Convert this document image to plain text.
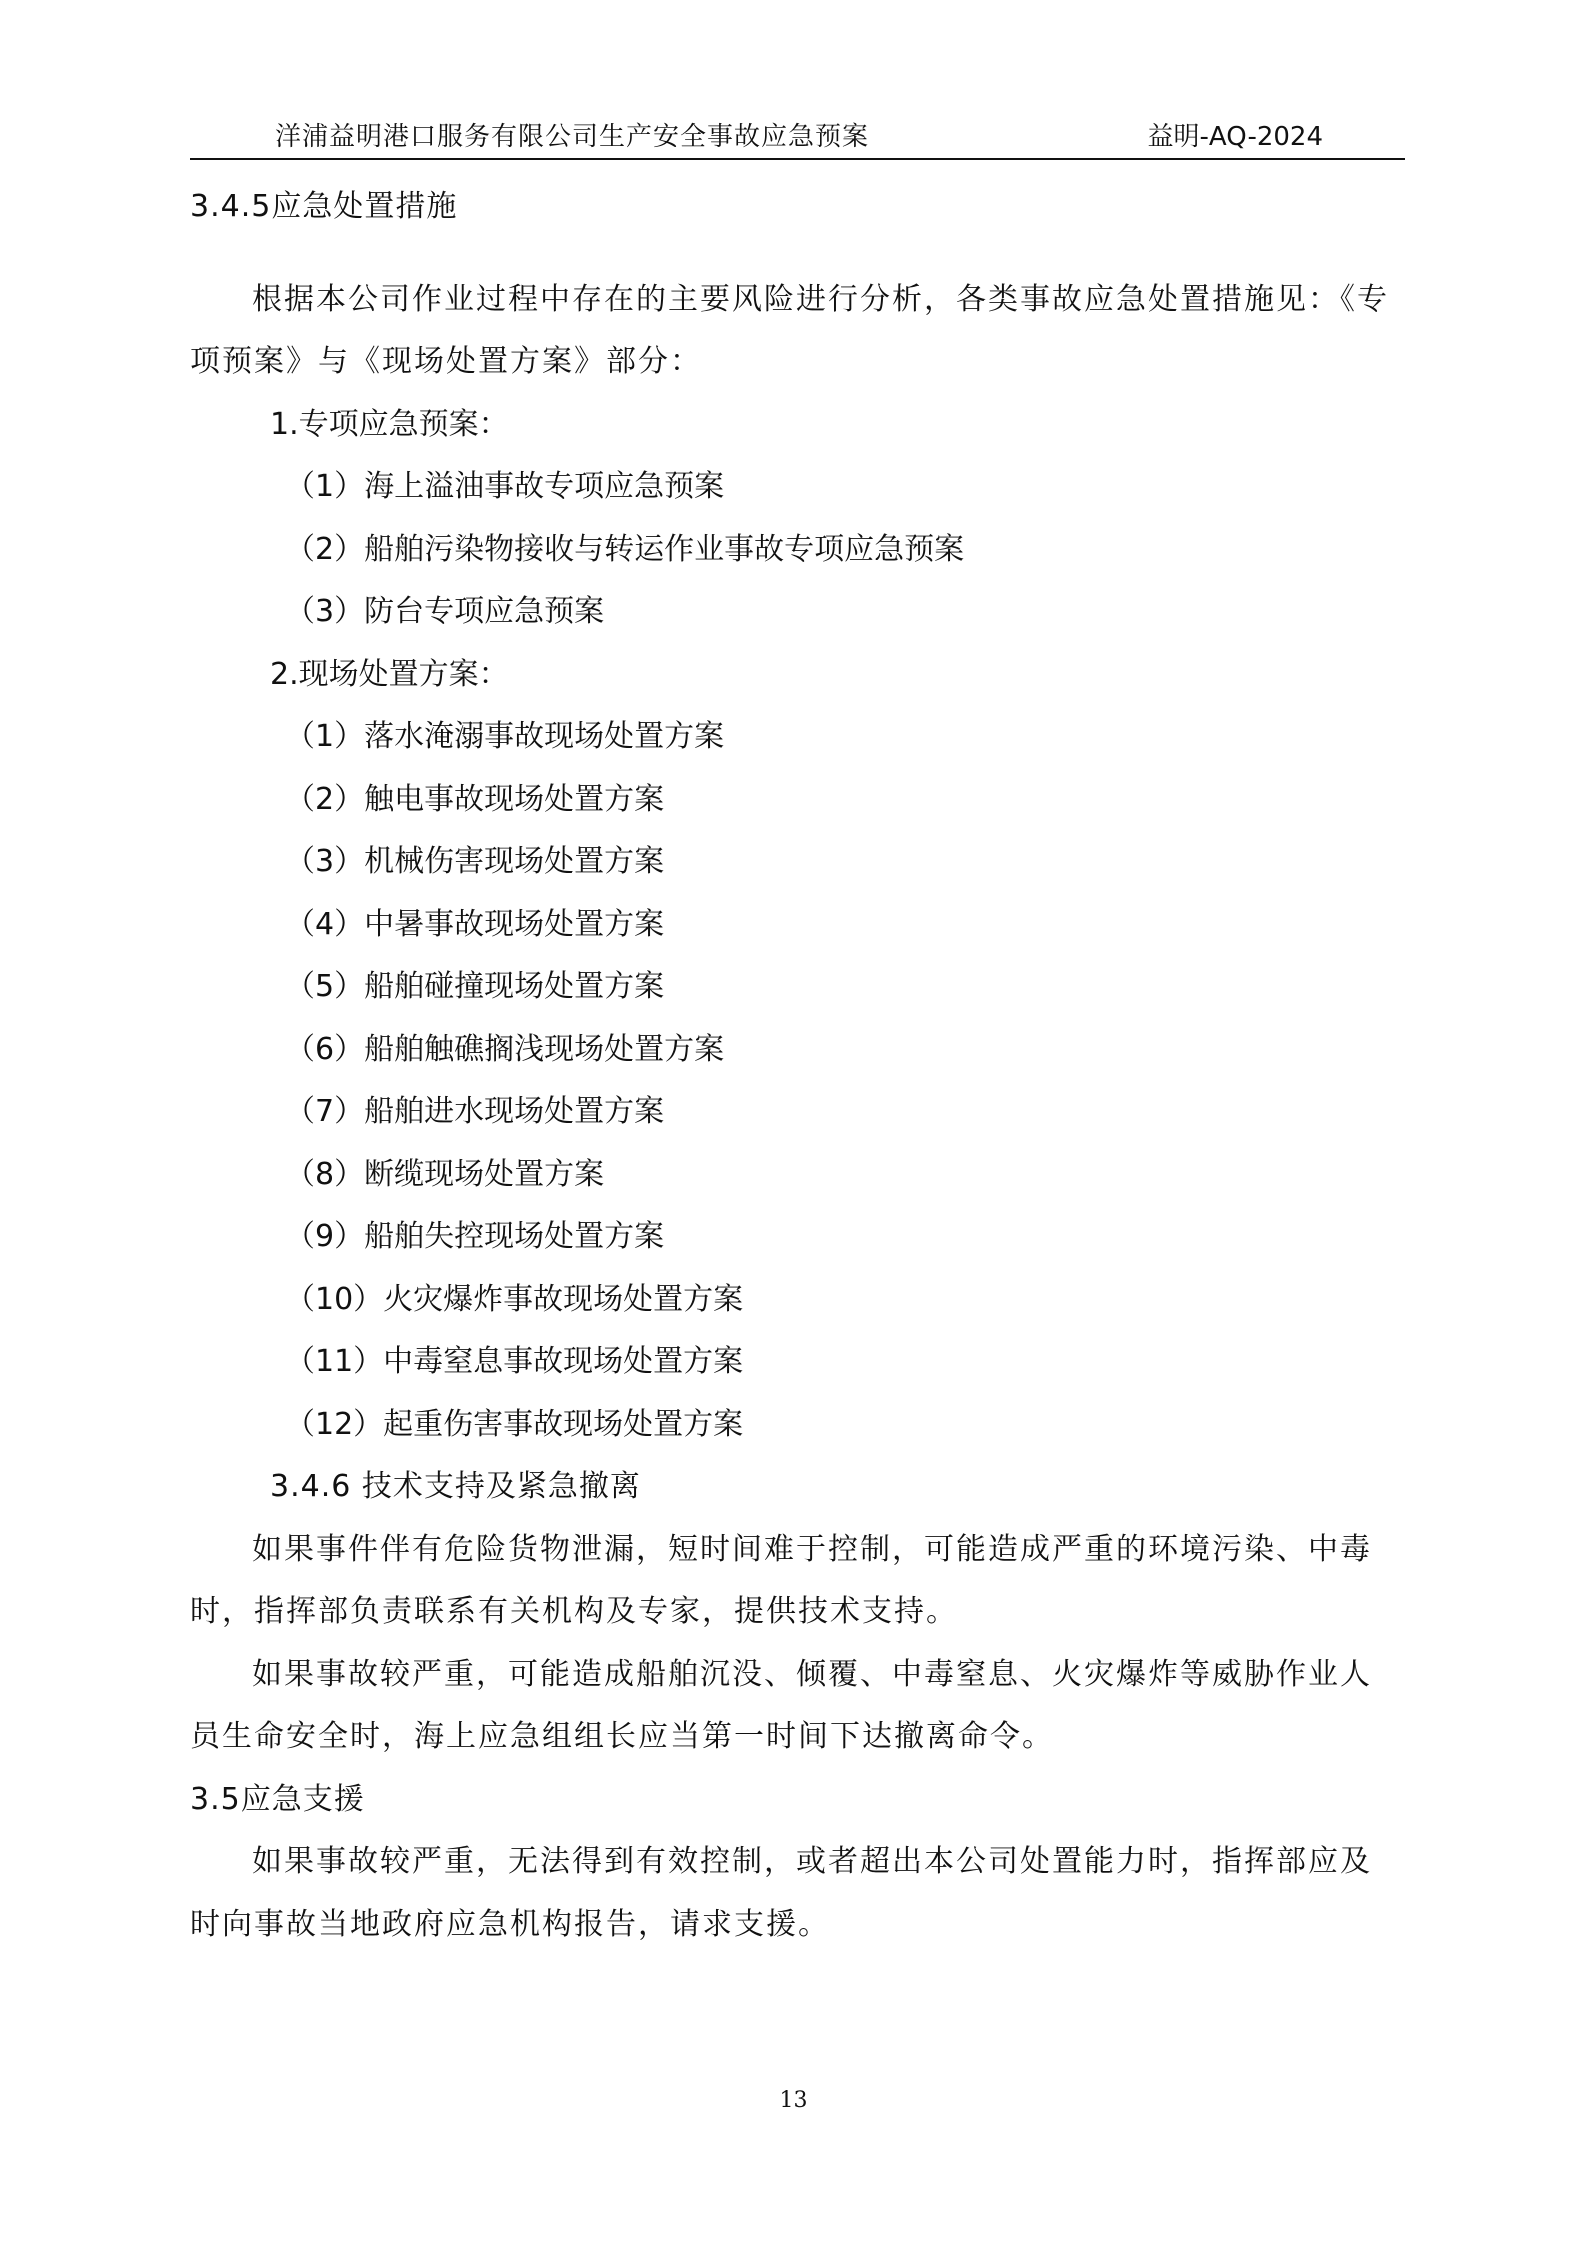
洋浦益明港口服务有限公司生产安全事故应急预案	益明-AQ-2024
3.4.5应急处置措施

根据本公司作业过程中存在的主要风险进行分析，各类事故应急处置措施见：《专

项预案》与《现场处置方案》部分：

1.专项应急预案：
（1）海上溢油事故专项应急预案
（2）船舶污染物接收与转运作业事故专项应急预案
（3）防台专项应急预案
2.现场处置方案：
（1）落水淹溺事故现场处置方案
（2）触电事故现场处置方案
（3）机械伤害现场处置方案
（4）中暑事故现场处置方案
（5）船舶碰撞现场处置方案
（6）船舶触礁搁浅现场处置方案
（7）船舶进水现场处置方案
（8）断缆现场处置方案
（9）船舶失控现场处置方案
（10）火灾爆炸事故现场处置方案
（11）中毒窒息事故现场处置方案
（12）起重伤害事故现场处置方案
3.4.6 技术支持及紧急撤离

如果事件伴有危险货物泄漏，短时间难于控制，可能造成严重的环境污染、中毒

时，指挥部负责联系有关机构及专家，提供技术支持。

如果事故较严重，可能造成船舶沉没、倾覆、中毒窒息、火灾爆炸等威胁作业人

员生命安全时，海上应急组组长应当第一时间下达撤离命令。

3.5应急支援

如果事故较严重，无法得到有效控制，或者超出本公司处置能力时，指挥部应及

时向事故当地政府应急机构报告，请求支援。

13
